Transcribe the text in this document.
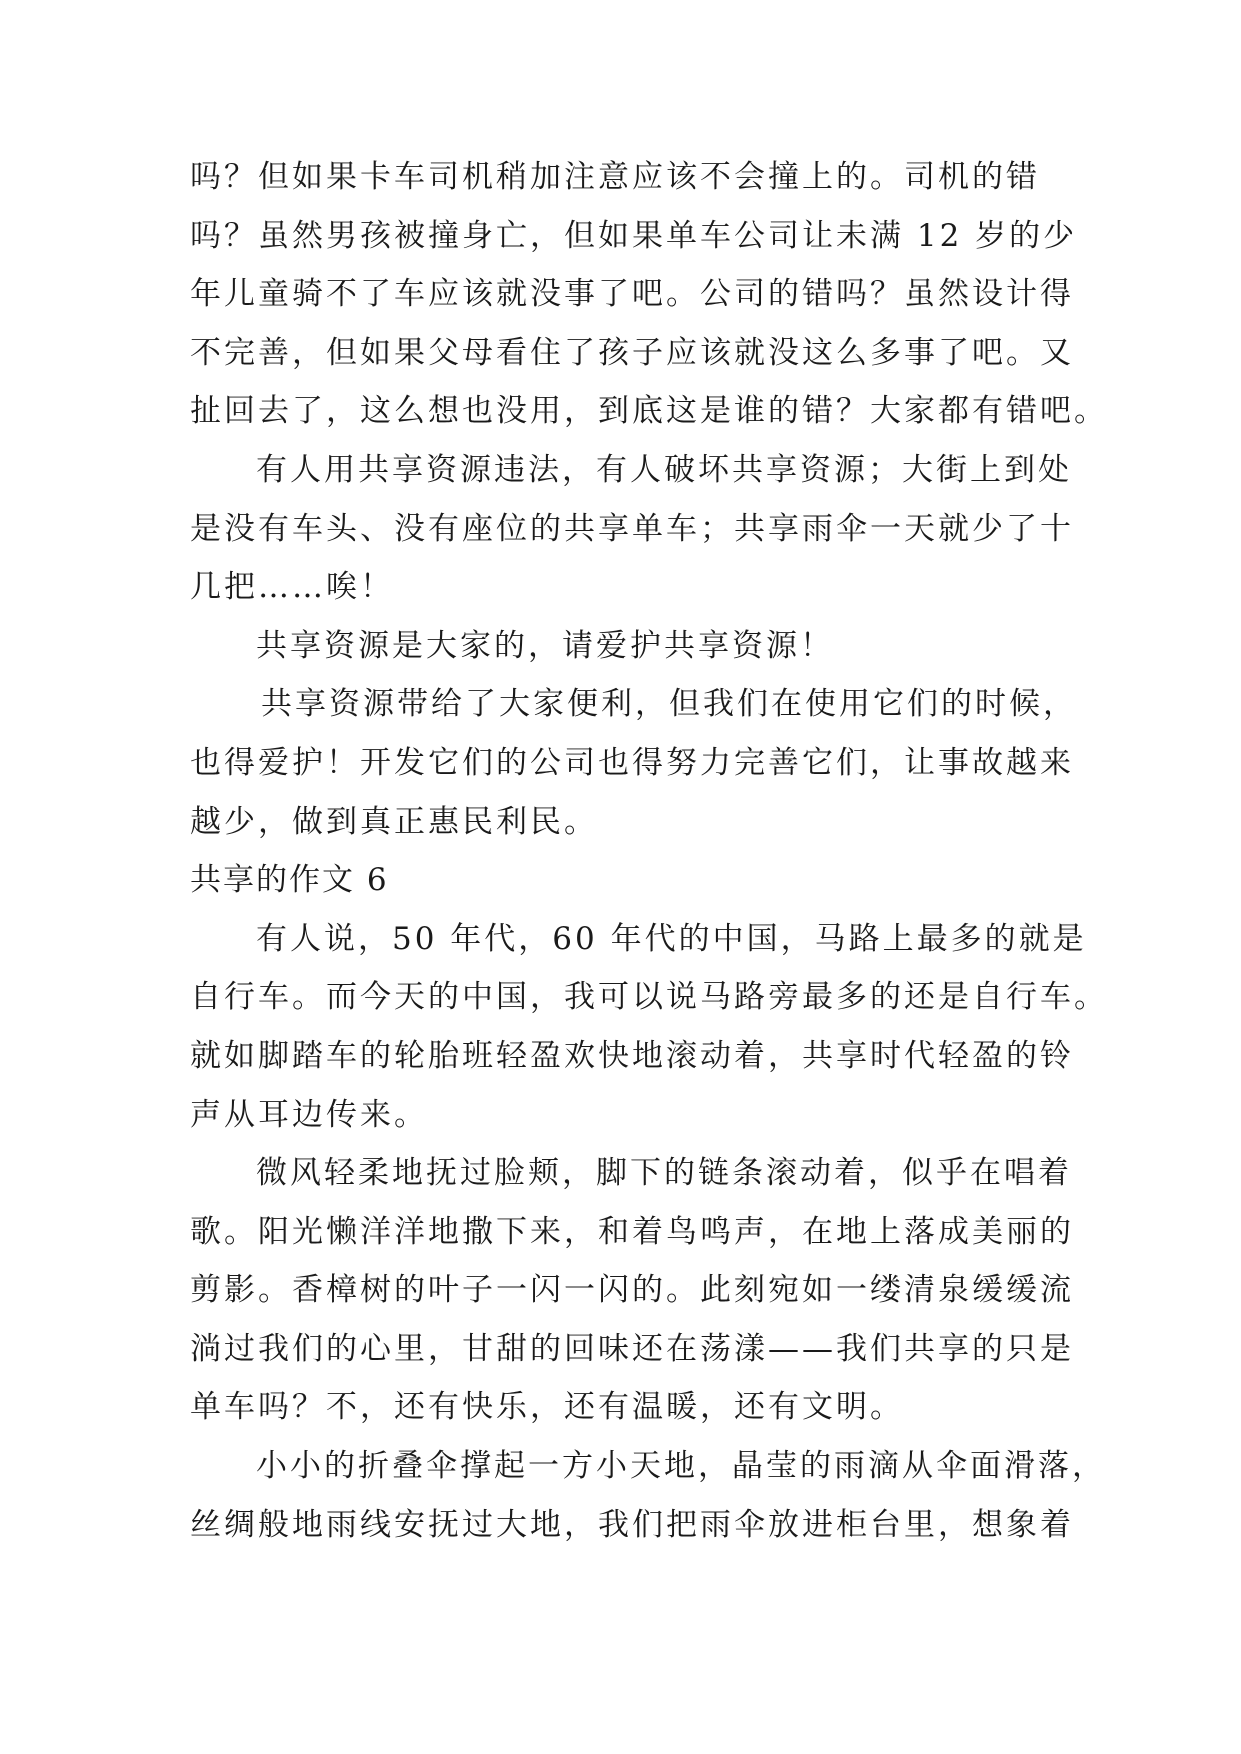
吗？但如果卡车司机稍加注意应该不会撞上的。司机的错
吗？虽然男孩被撞身亡，但如果单车公司让未满 12 岁的少
年儿童骑不了车应该就没事了吧。公司的错吗？虽然设计得
不完善，但如果父母看住了孩子应该就没这么多事了吧。又
扯回去了，这么想也没用，到底这是谁的错？大家都有错吧。
有人用共享资源违法，有人破坏共享资源；大街上到处
是没有车头、没有座位的共享单车；共享雨伞一天就少了十
几把……唉！
共享资源是大家的，请爱护共享资源！
共享资源带给了大家便利，但我们在使用它们的时候，
也得爱护！开发它们的公司也得努力完善它们，让事故越来
越少，做到真正惠民利民。
共享的作文 6
有人说，50 年代，60 年代的中国，马路上最多的就是
自行车。而今天的中国，我可以说马路旁最多的还是自行车。
就如脚踏车的轮胎班轻盈欢快地滚动着，共享时代轻盈的铃
声从耳边传来。
微风轻柔地抚过脸颊，脚下的链条滚动着，似乎在唱着
歌。阳光懒洋洋地撒下来，和着鸟鸣声，在地上落成美丽的
剪影。香樟树的叶子一闪一闪的。此刻宛如一缕清泉缓缓流
淌过我们的心里，甘甜的回味还在荡漾——我们共享的只是
单车吗？不，还有快乐，还有温暖，还有文明。
小小的折叠伞撑起一方小天地，晶莹的雨滴从伞面滑落，
丝绸般地雨线安抚过大地，我们把雨伞放进柜台里，想象着
